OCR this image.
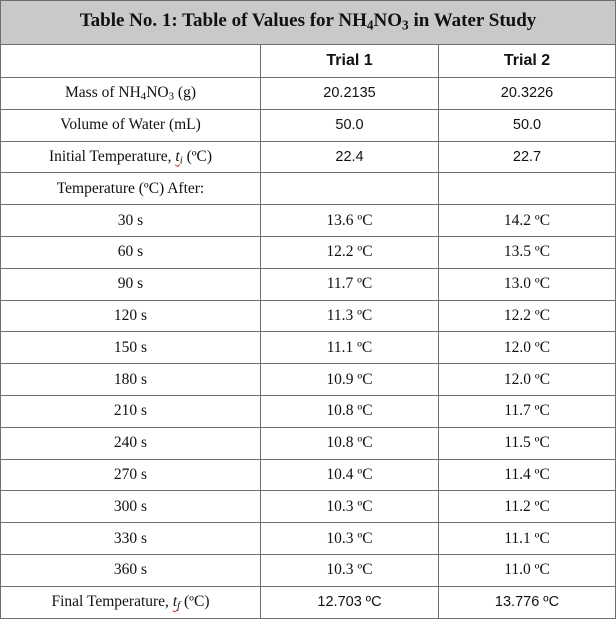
Table No. 1: Table of Values for $NH_4NO_3$ in Water Study		
	Trial 1	Trial 2
Mass of $NH_4NO_3$ (g)	20.2135	20.3226
Volume of Water (mL)	50.0	50.0
Initial Temperature, $t_i$ (ºC)	22.4	22.7
Temperature (ºC) After:		
30 s	13.6 ºC	14.2 ºC
60 s	12.2 ºC	13.5 ºC
90 s	11.7 ºC	13.0 ºC
120 s	11.3 ºC	12.2 ºC
150 s	11.1 ºC	12.0 ºC
180 s	10.9 ºC	12.0 ºC
210 s	10.8 ºC	11.7 ºC
240 s	10.8 ºC	11.5 ºC
270 s	10.4 ºC	11.4 ºC
300 s	10.3 ºC	11.2 ºC
330 s	10.3 ºC	11.1 ºC
360 s	10.3 ºC	11.0 ºC
Final Temperature, $t_f$ (ºC)	12.703 ºC	13.776 ºC
